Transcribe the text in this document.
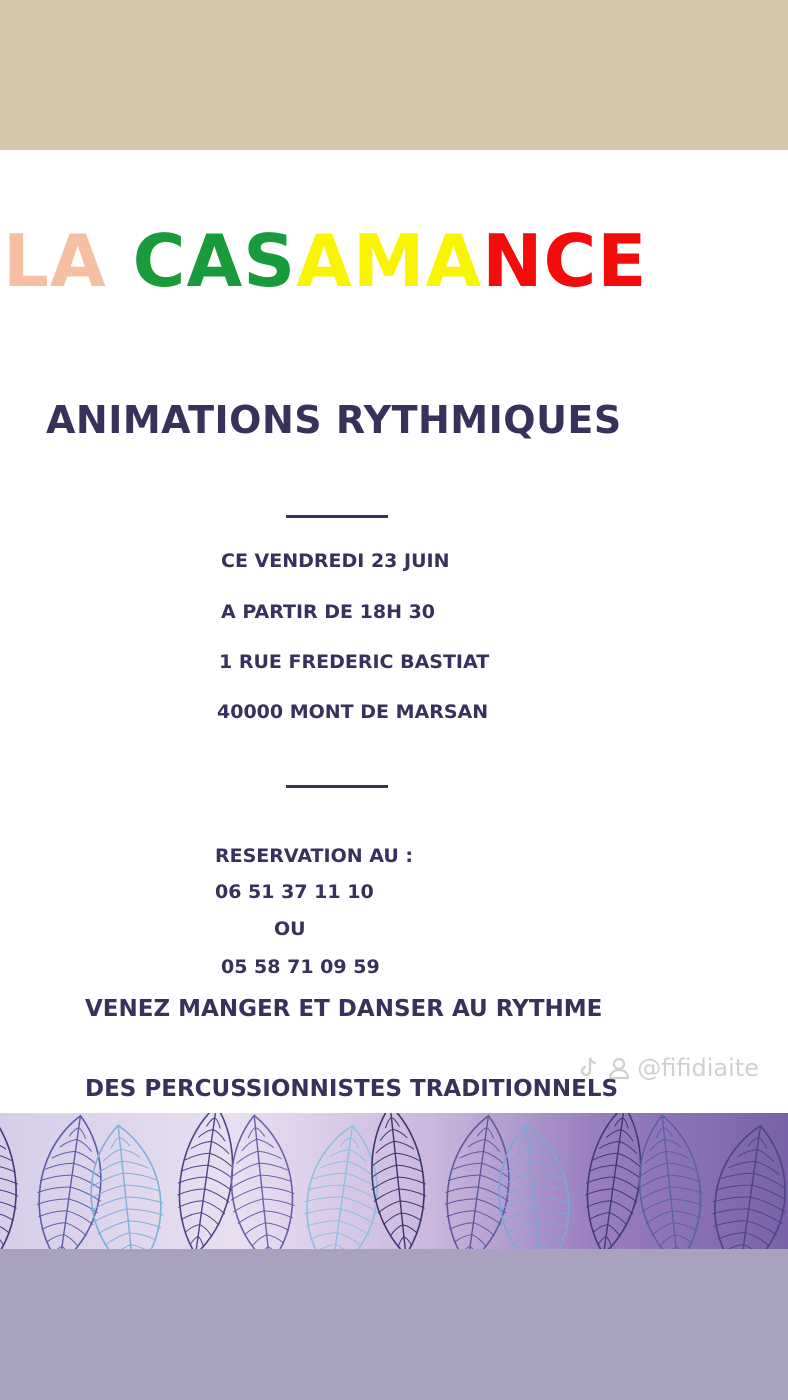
LA CASAMANCE
ANIMATIONS RYTHMIQUES
CE VENDREDI 23 JUIN
A PARTIR DE 18H 30
1 RUE FREDERIC BASTIAT
40000 MONT DE MARSAN
RESERVATION AU :
06 51 37 11 10
OU
05 58 71 09 59
VENEZ MANGER ET DANSER AU RYTHME
DES PERCUSSIONNISTES TRADITIONNELS
@fifidiaite
